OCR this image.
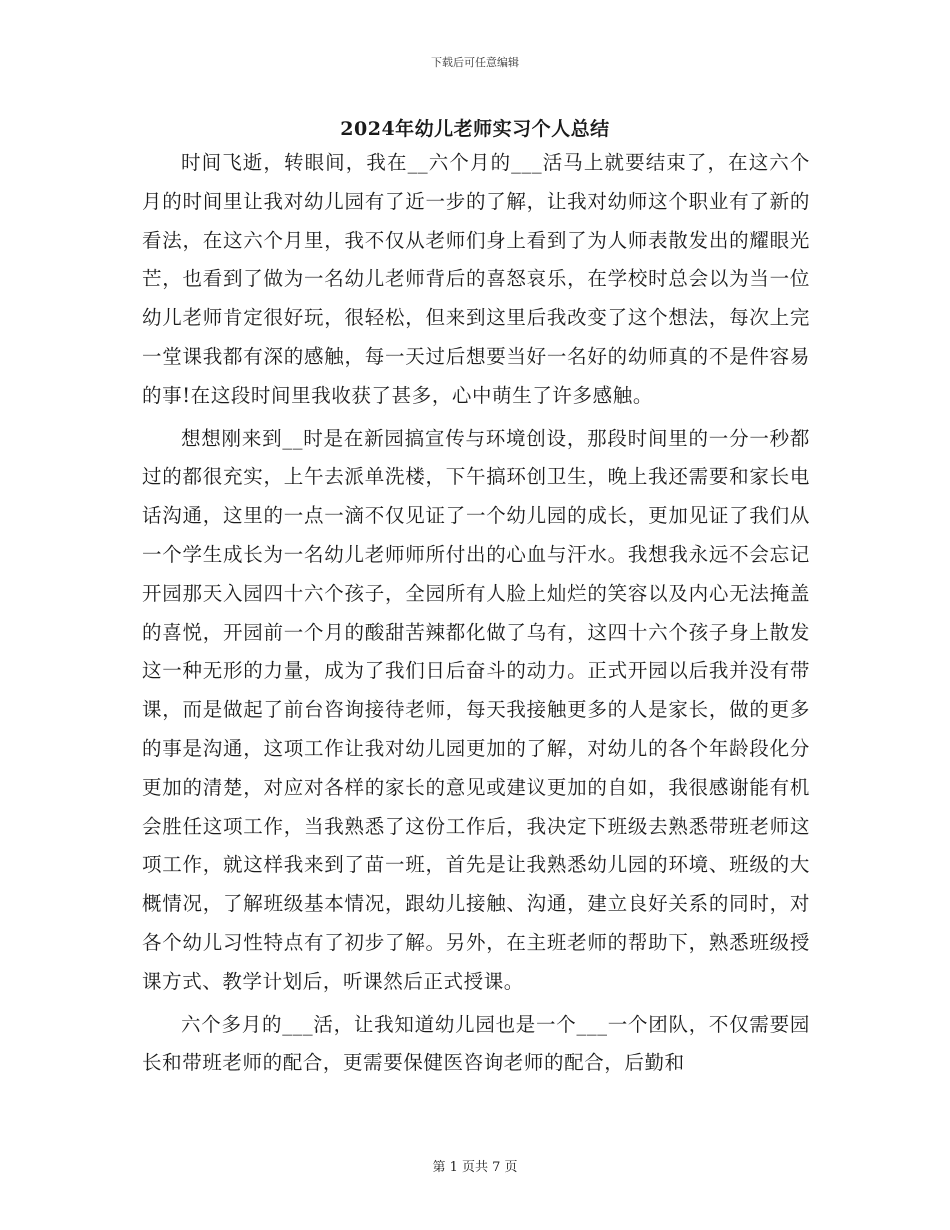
下载后可任意编辑
2024年幼儿老师实习个人总结

时间飞逝，转眼间，我在__六个月的___活马上就要结束了，在这六个月的时间里让我对幼儿园有了近一步的了解，让我对幼师这个职业有了新的看法，在这六个月里，我不仅从老师们身上看到了为人师表散发出的耀眼光芒，也看到了做为一名幼儿老师背后的喜怒哀乐，在学校时总会以为当一位幼儿老师肯定很好玩，很轻松，但来到这里后我改变了这个想法，每次上完一堂课我都有深的感触，每一天过后想要当好一名好的幼师真的不是件容易的事!在这段时间里我收获了甚多，心中萌生了许多感触。

想想刚来到__时是在新园搞宣传与环境创设，那段时间里的一分一秒都过的都很充实，上午去派单洗楼，下午搞环创卫生，晚上我还需要和家长电话沟通，这里的一点一滴不仅见证了一个幼儿园的成长，更加见证了我们从一个学生成长为一名幼儿老师师所付出的心血与汗水。我想我永远不会忘记开园那天入园四十六个孩子，全园所有人脸上灿烂的笑容以及内心无法掩盖的喜悦，开园前一个月的酸甜苦辣都化做了乌有，这四十六个孩子身上散发这一种无形的力量，成为了我们日后奋斗的动力。正式开园以后我并没有带课，而是做起了前台咨询接待老师，每天我接触更多的人是家长，做的更多的事是沟通，这项工作让我对幼儿园更加的了解，对幼儿的各个年龄段化分更加的清楚，对应对各样的家长的意见或建议更加的自如，我很感谢能有机会胜任这项工作，当我熟悉了这份工作后，我决定下班级去熟悉带班老师这项工作，就这样我来到了苗一班，首先是让我熟悉幼儿园的环境、班级的大概情况，了解班级基本情况，跟幼儿接触、沟通，建立良好关系的同时，对各个幼儿习性特点有了初步了解。另外，在主班老师的帮助下，熟悉班级授课方式、教学计划后，听课然后正式授课。

六个多月的___活，让我知道幼儿园也是一个___一个团队，不仅需要园长和带班老师的配合，更需要保健医咨询老师的配合，后勤和

第 1 页共 7 页
